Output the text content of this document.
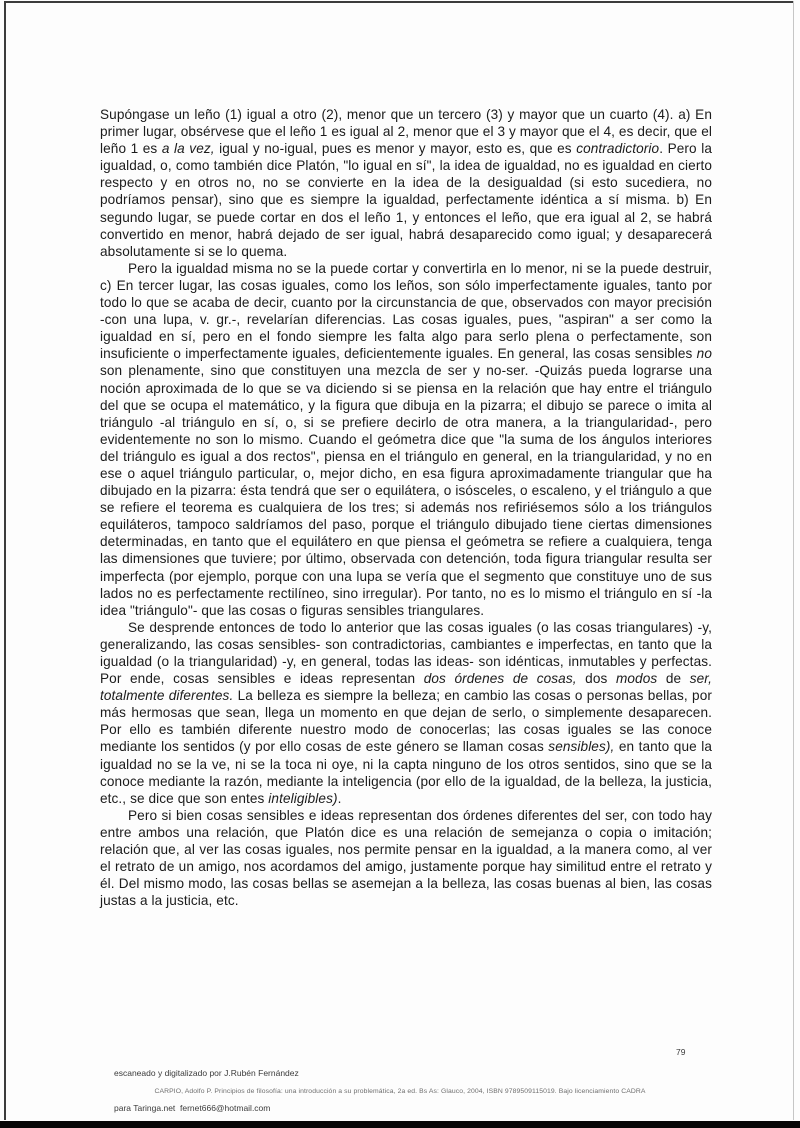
Supóngase un leño (1) igual a otro (2), menor que un tercero (3) y mayor que un cuarto (4). a) En primer lugar, obsérvese que el leño 1 es igual al 2, menor que el 3 y mayor que el 4, es decir, que el leño 1 es a la vez, igual y no-igual, pues es menor y mayor, esto es, que es contradictorio. Pero la igualdad, o, como también dice Platón, "lo igual en sí", la idea de igualdad, no es igualdad en cierto respecto y en otros no, no se convierte en la idea de la desigualdad (si esto sucediera, no podríamos pensar), sino que es siempre la igualdad, perfectamente idéntica a sí misma. b) En segundo lugar, se puede cortar en dos el leño 1, y entonces el leño, que era igual al 2, se habrá convertido en menor, habrá dejado de ser igual, habrá desaparecido como igual; y desaparecerá absolutamente si se lo quema.

Pero la igualdad misma no se la puede cortar y convertirla en lo menor, ni se la puede destruir, c) En tercer lugar, las cosas iguales, como los leños, son sólo imperfectamente iguales, tanto por todo lo que se acaba de decir, cuanto por la circunstancia de que, observados con mayor precisión -con una lupa, v. gr.-, revelarían diferencias. Las cosas iguales, pues, "aspiran" a ser como la igualdad en sí, pero en el fondo siempre les falta algo para serlo plena o perfectamente, son insuficiente o imperfectamente iguales, deficientemente iguales. En general, las cosas sensibles no son plenamente, sino que constituyen una mezcla de ser y no-ser. -Quizás pueda lograrse una noción aproximada de lo que se va diciendo si se piensa en la relación que hay entre el triángulo del que se ocupa el matemático, y la figura que dibuja en la pizarra; el dibujo se parece o imita al triángulo -al triángulo en sí, o, si se prefiere decirlo de otra manera, a la triangularidad-, pero evidentemente no son lo mismo. Cuando el geómetra dice que "la suma de los ángulos interiores del triángulo es igual a dos rectos", piensa en el triángulo en general, en la triangularidad, y no en ese o aquel triángulo particular, o, mejor dicho, en esa figura aproximadamente triangular que ha dibujado en la pizarra: ésta tendrá que ser o equilátera, o isósceles, o escaleno, y el triángulo a que se refiere el teorema es cualquiera de los tres; si además nos refiriésemos sólo a los triángulos equiláteros, tampoco saldríamos del paso, porque el triángulo dibujado tiene ciertas dimensiones determinadas, en tanto que el equilátero en que piensa el geómetra se refiere a cualquiera, tenga las dimensiones que tuviere; por último, observada con detención, toda figura triangular resulta ser imperfecta (por ejemplo, porque con una lupa se vería que el segmento que constituye uno de sus lados no es perfectamente rectilíneo, sino irregular). Por tanto, no es lo mismo el triángulo en sí -la idea "triángulo"- que las cosas o figuras sensibles triangulares.

Se desprende entonces de todo lo anterior que las cosas iguales (o las cosas triangulares) -y, generalizando, las cosas sensibles- son contradictorias, cambiantes e imperfectas, en tanto que la igualdad (o la triangularidad) -y, en general, todas las ideas- son idénticas, inmutables y perfectas. Por ende, cosas sensibles e ideas representan dos órdenes de cosas, dos modos de ser, totalmente diferentes. La belleza es siempre la belleza; en cambio las cosas o personas bellas, por más hermosas que sean, llega un momento en que dejan de serlo, o simplemente desaparecen. Por ello es también diferente nuestro modo de conocerlas; las cosas iguales se las conoce mediante los sentidos (y por ello cosas de este género se llaman cosas sensibles), en tanto que la igualdad no se la ve, ni se la toca ni oye, ni la capta ninguno de los otros sentidos, sino que se la conoce mediante la razón, mediante la inteligencia (por ello de la igualdad, de la belleza, la justicia, etc., se dice que son entes inteligibles).

Pero si bien cosas sensibles e ideas representan dos órdenes diferentes del ser, con todo hay entre ambos una relación, que Platón dice es una relación de semejanza o copia o imitación; relación que, al ver las cosas iguales, nos permite pensar en la igualdad, a la manera como, al ver el retrato de un amigo, nos acordamos del amigo, justamente porque hay similitud entre el retrato y él. Del mismo modo, las cosas bellas se asemejan a la belleza, las cosas buenas al bien, las cosas justas a la justicia, etc.

escaneado y digitalizado por J.Rubén Fernández

para Taringa.net  fernet666@hotmail.com

79
CARPIO, Adolfo P. Principios de filosofía: una introducción a su problemática, 2a ed. Bs As: Glauco, 2004, ISBN 9789509115019. Bajo licenciamiento CADRA
